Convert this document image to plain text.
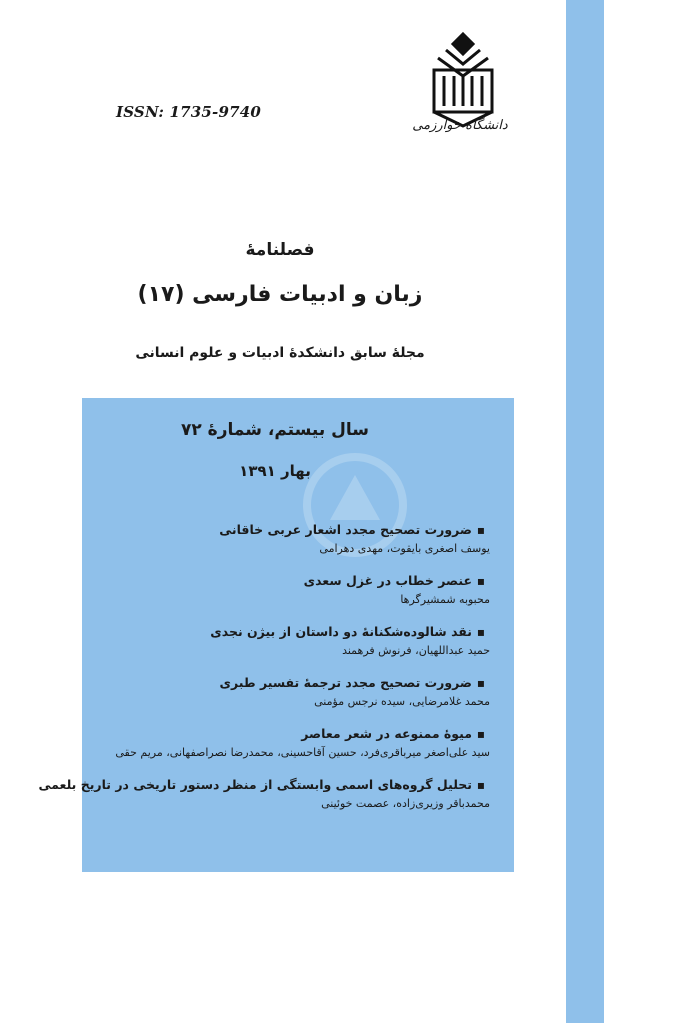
دانشگاه خوارزمی
ISSN: 1735-9740
فصلنامهٔ
زبان و ادبیات فارسی (۱۷)
مجلهٔ سابق دانشکدهٔ ادبیات و علوم انسانی
سال بیستم، شمارهٔ ۷۲
بهار ۱۳۹۱
▪ ضرورت تصحیح مجدد اشعار عربی خاقانی
یوسف اصغری بایقوت، مهدی دهرامی
▪ عنصر خطاب در غزل سعدی
محبوبه شمشیرگرها
▪ نقد شالوده‌شکنانهٔ دو داستان از بیژن نجدی
حمید عبداللهیان، فرنوش فرهمند
▪ ضرورت تصحیح مجدد ترجمهٔ تفسیر طبری
محمد غلامرضایی، سیده نرجس مؤمنی
▪ میوهٔ ممنوعه در شعر معاصر
سید علی‌اصغر میرباقری‌فرد، حسین آقاحسینی، محمدرضا نصراصفهانی، مریم حقی
▪ تحلیل گروه‌های اسمی وابستگی از منظر دستور تاریخی در تاریخ بلعمی
محمدباقر وزیری‌زاده، عصمت خوئینی
